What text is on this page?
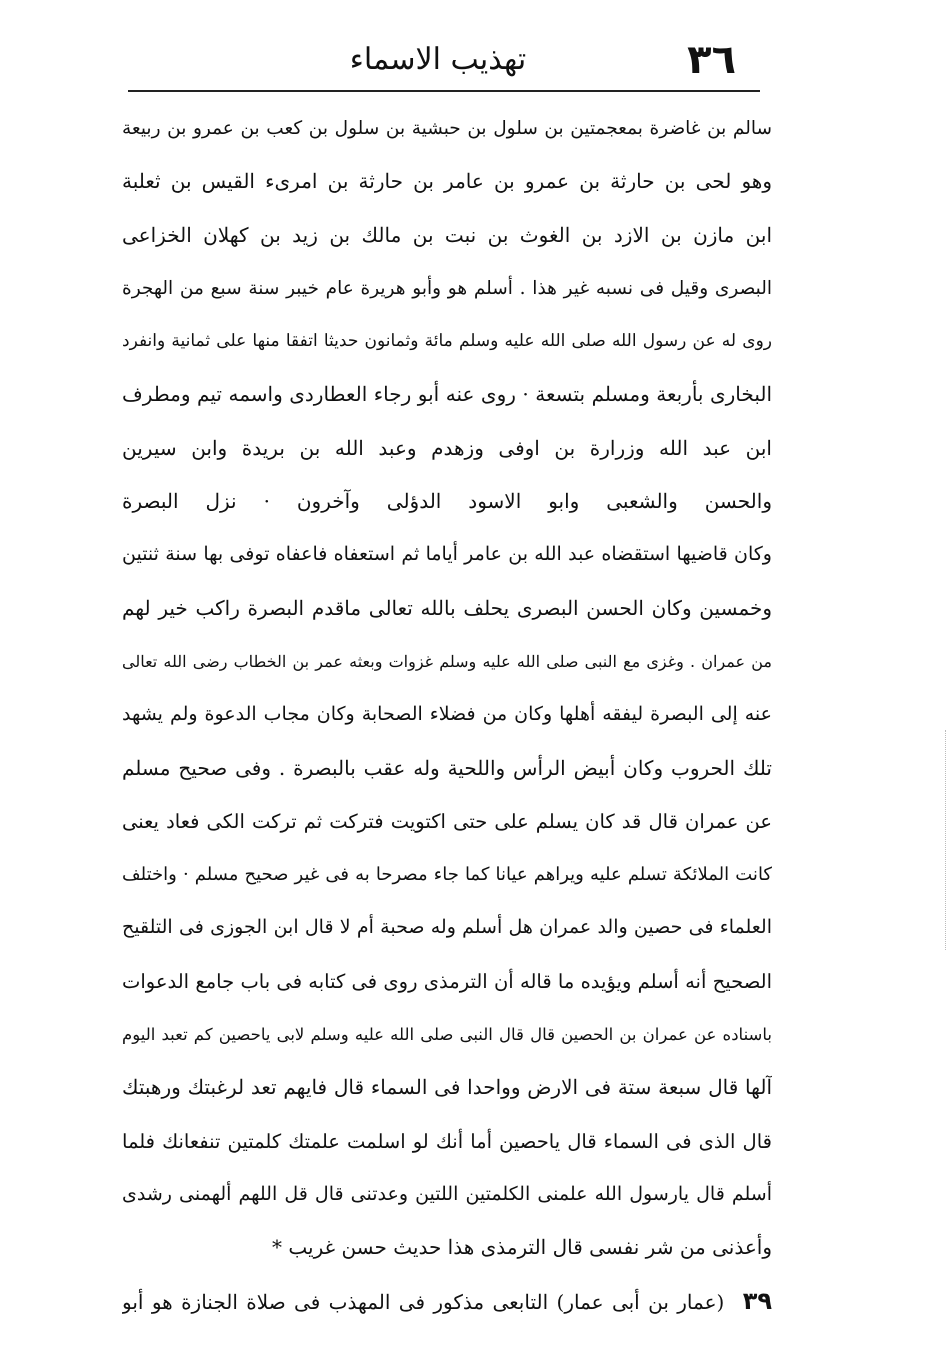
٣٦
تهذيب الاسماء
سالم بن غاضرة بمعجمتين بن سلول بن حبشية بن سلول بن كعب بن عمرو بن ربيعة
وهو لحى بن حارثة بن عمرو بن عامر بن حارثة بن امرىء القيس بن ثعلبة
ابن مازن بن الازد بن الغوث بن نبت بن مالك بن زيد بن كهلان الخزاعى
البصرى وقيل فى نسبه غير هذا . أسلم هو وأبو هريرة عام خيبر سنة سبع من الهجرة
روى له عن رسول الله صلى الله عليه وسلم مائة وثمانون حديثا اتفقا منها على ثمانية وانفرد
البخارى بأربعة ومسلم بتسعة · روى عنه أبو رجاء العطاردى واسمه تيم ومطرف
ابن عبد الله وزرارة بن اوفى وزهدم وعبد الله بن بريدة وابن سيرين
والحسن والشعبى وابو الاسود الدؤلى وآخرون · نزل البصرة
وكان قاضيها استقضاه عبد الله بن عامر أياما ثم استعفاه فاعفاه توفى بها سنة ثنتين
وخمسين وكان الحسن البصرى يحلف بالله تعالى ماقدم البصرة راكب خير لهم
من عمران . وغزى مع النبى صلى الله عليه وسلم غزوات وبعثه عمر بن الخطاب رضى الله تعالى
عنه إلى البصرة ليفقه أهلها وكان من فضلاء الصحابة وكان مجاب الدعوة ولم يشهد
تلك الحروب وكان أبيض الرأس واللحية وله عقب بالبصرة . وفى صحيح مسلم
عن عمران قال قد كان يسلم على حتى اكتويت فتركت ثم تركت الكى فعاد يعنى
كانت الملائكة تسلم عليه ويراهم عيانا كما جاء مصرحا به فى غير صحيح مسلم · واختلف
العلماء فى حصين والد عمران هل أسلم وله صحبة أم لا قال ابن الجوزى فى التلقيح
الصحيح أنه أسلم ويؤيده ما قاله أن الترمذى روى فى كتابه فى باب جامع الدعوات
باسناده عن عمران بن الحصين قال قال النبى صلى الله عليه وسلم لابى ياحصين كم تعبد اليوم
آلها قال سبعة ستة فى الارض وواحدا فى السماء قال فايهم تعد لرغبتك ورهبتك
قال الذى فى السماء قال ياحصين أما أنك لو اسلمت علمتك كلمتين تنفعانك فلما
أسلم قال يارسول الله علمنى الكلمتين اللتين وعدتنى قال قل اللهم ألهمنى رشدى
وأعذنى من شر نفسى قال الترمذى هذا حديث حسن غريب *
٣٩ (عمار بن أبى عمار) التابعى مذكور فى المهذب فى صلاة الجنازة هو أبو
